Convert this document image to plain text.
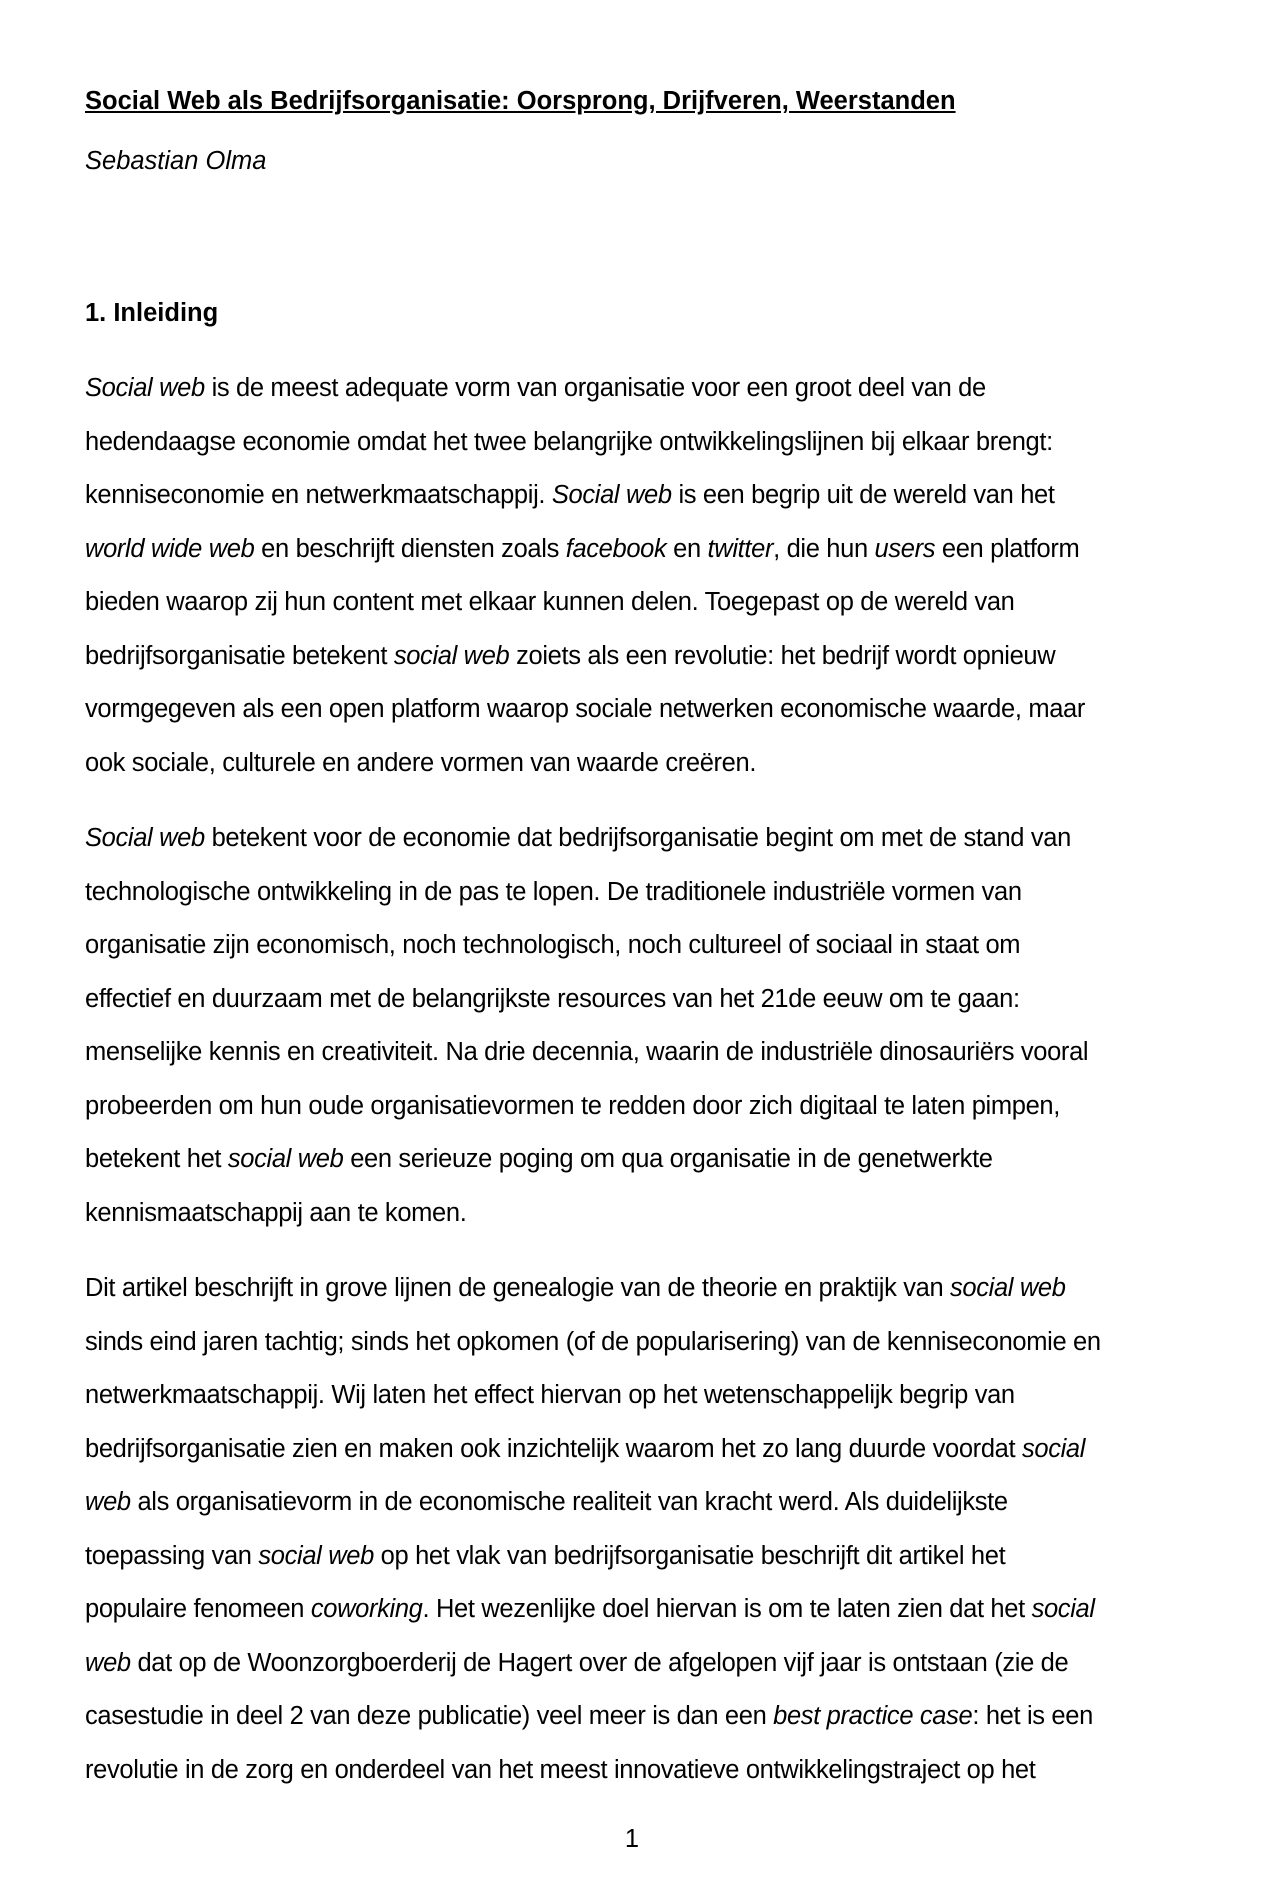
Social Web als Bedrijfsorganisatie: Oorsprong, Drijfveren, Weerstanden

Sebastian Olma

1. Inleiding

Social web is de meest adequate vorm van organisatie voor een groot deel van de
hedendaagse economie omdat het twee belangrijke ontwikkelingslijnen bij elkaar brengt:
kenniseconomie en netwerkmaatschappij. Social web is een begrip uit de wereld van het
world wide web en beschrijft diensten zoals facebook en twitter, die hun users een platform
bieden waarop zij hun content met elkaar kunnen delen. Toegepast op de wereld van
bedrijfsorganisatie betekent social web zoiets als een revolutie: het bedrijf wordt opnieuw
vormgegeven als een open platform waarop sociale netwerken economische waarde, maar
ook sociale, culturele en andere vormen van waarde creëren.

Social web betekent voor de economie dat bedrijfsorganisatie begint om met de stand van
technologische ontwikkeling in de pas te lopen. De traditionele industriële vormen van
organisatie zijn economisch, noch technologisch, noch cultureel of sociaal in staat om
effectief en duurzaam met de belangrijkste resources van het 21de eeuw om te gaan:
menselijke kennis en creativiteit. Na drie decennia, waarin de industriële dinosauriërs vooral
probeerden om hun oude organisatievormen te redden door zich digitaal te laten pimpen,
betekent het social web een serieuze poging om qua organisatie in de genetwerkte
kennismaatschappij aan te komen.

Dit artikel beschrijft in grove lijnen de genealogie van de theorie en praktijk van social web
sinds eind jaren tachtig; sinds het opkomen (of de popularisering) van de kenniseconomie en
netwerkmaatschappij. Wij laten het effect hiervan op het wetenschappelijk begrip van
bedrijfsorganisatie zien en maken ook inzichtelijk waarom het zo lang duurde voordat social
web als organisatievorm in de economische realiteit van kracht werd. Als duidelijkste
toepassing van social web op het vlak van bedrijfsorganisatie beschrijft dit artikel het
populaire fenomeen coworking. Het wezenlijke doel hiervan is om te laten zien dat het social
web dat op de Woonzorgboerderij de Hagert over de afgelopen vijf jaar is ontstaan (zie de
casestudie in deel 2 van deze publicatie) veel meer is dan een best practice case: het is een
revolutie in de zorg en onderdeel van het meest innovatieve ontwikkelingstraject op het

1
